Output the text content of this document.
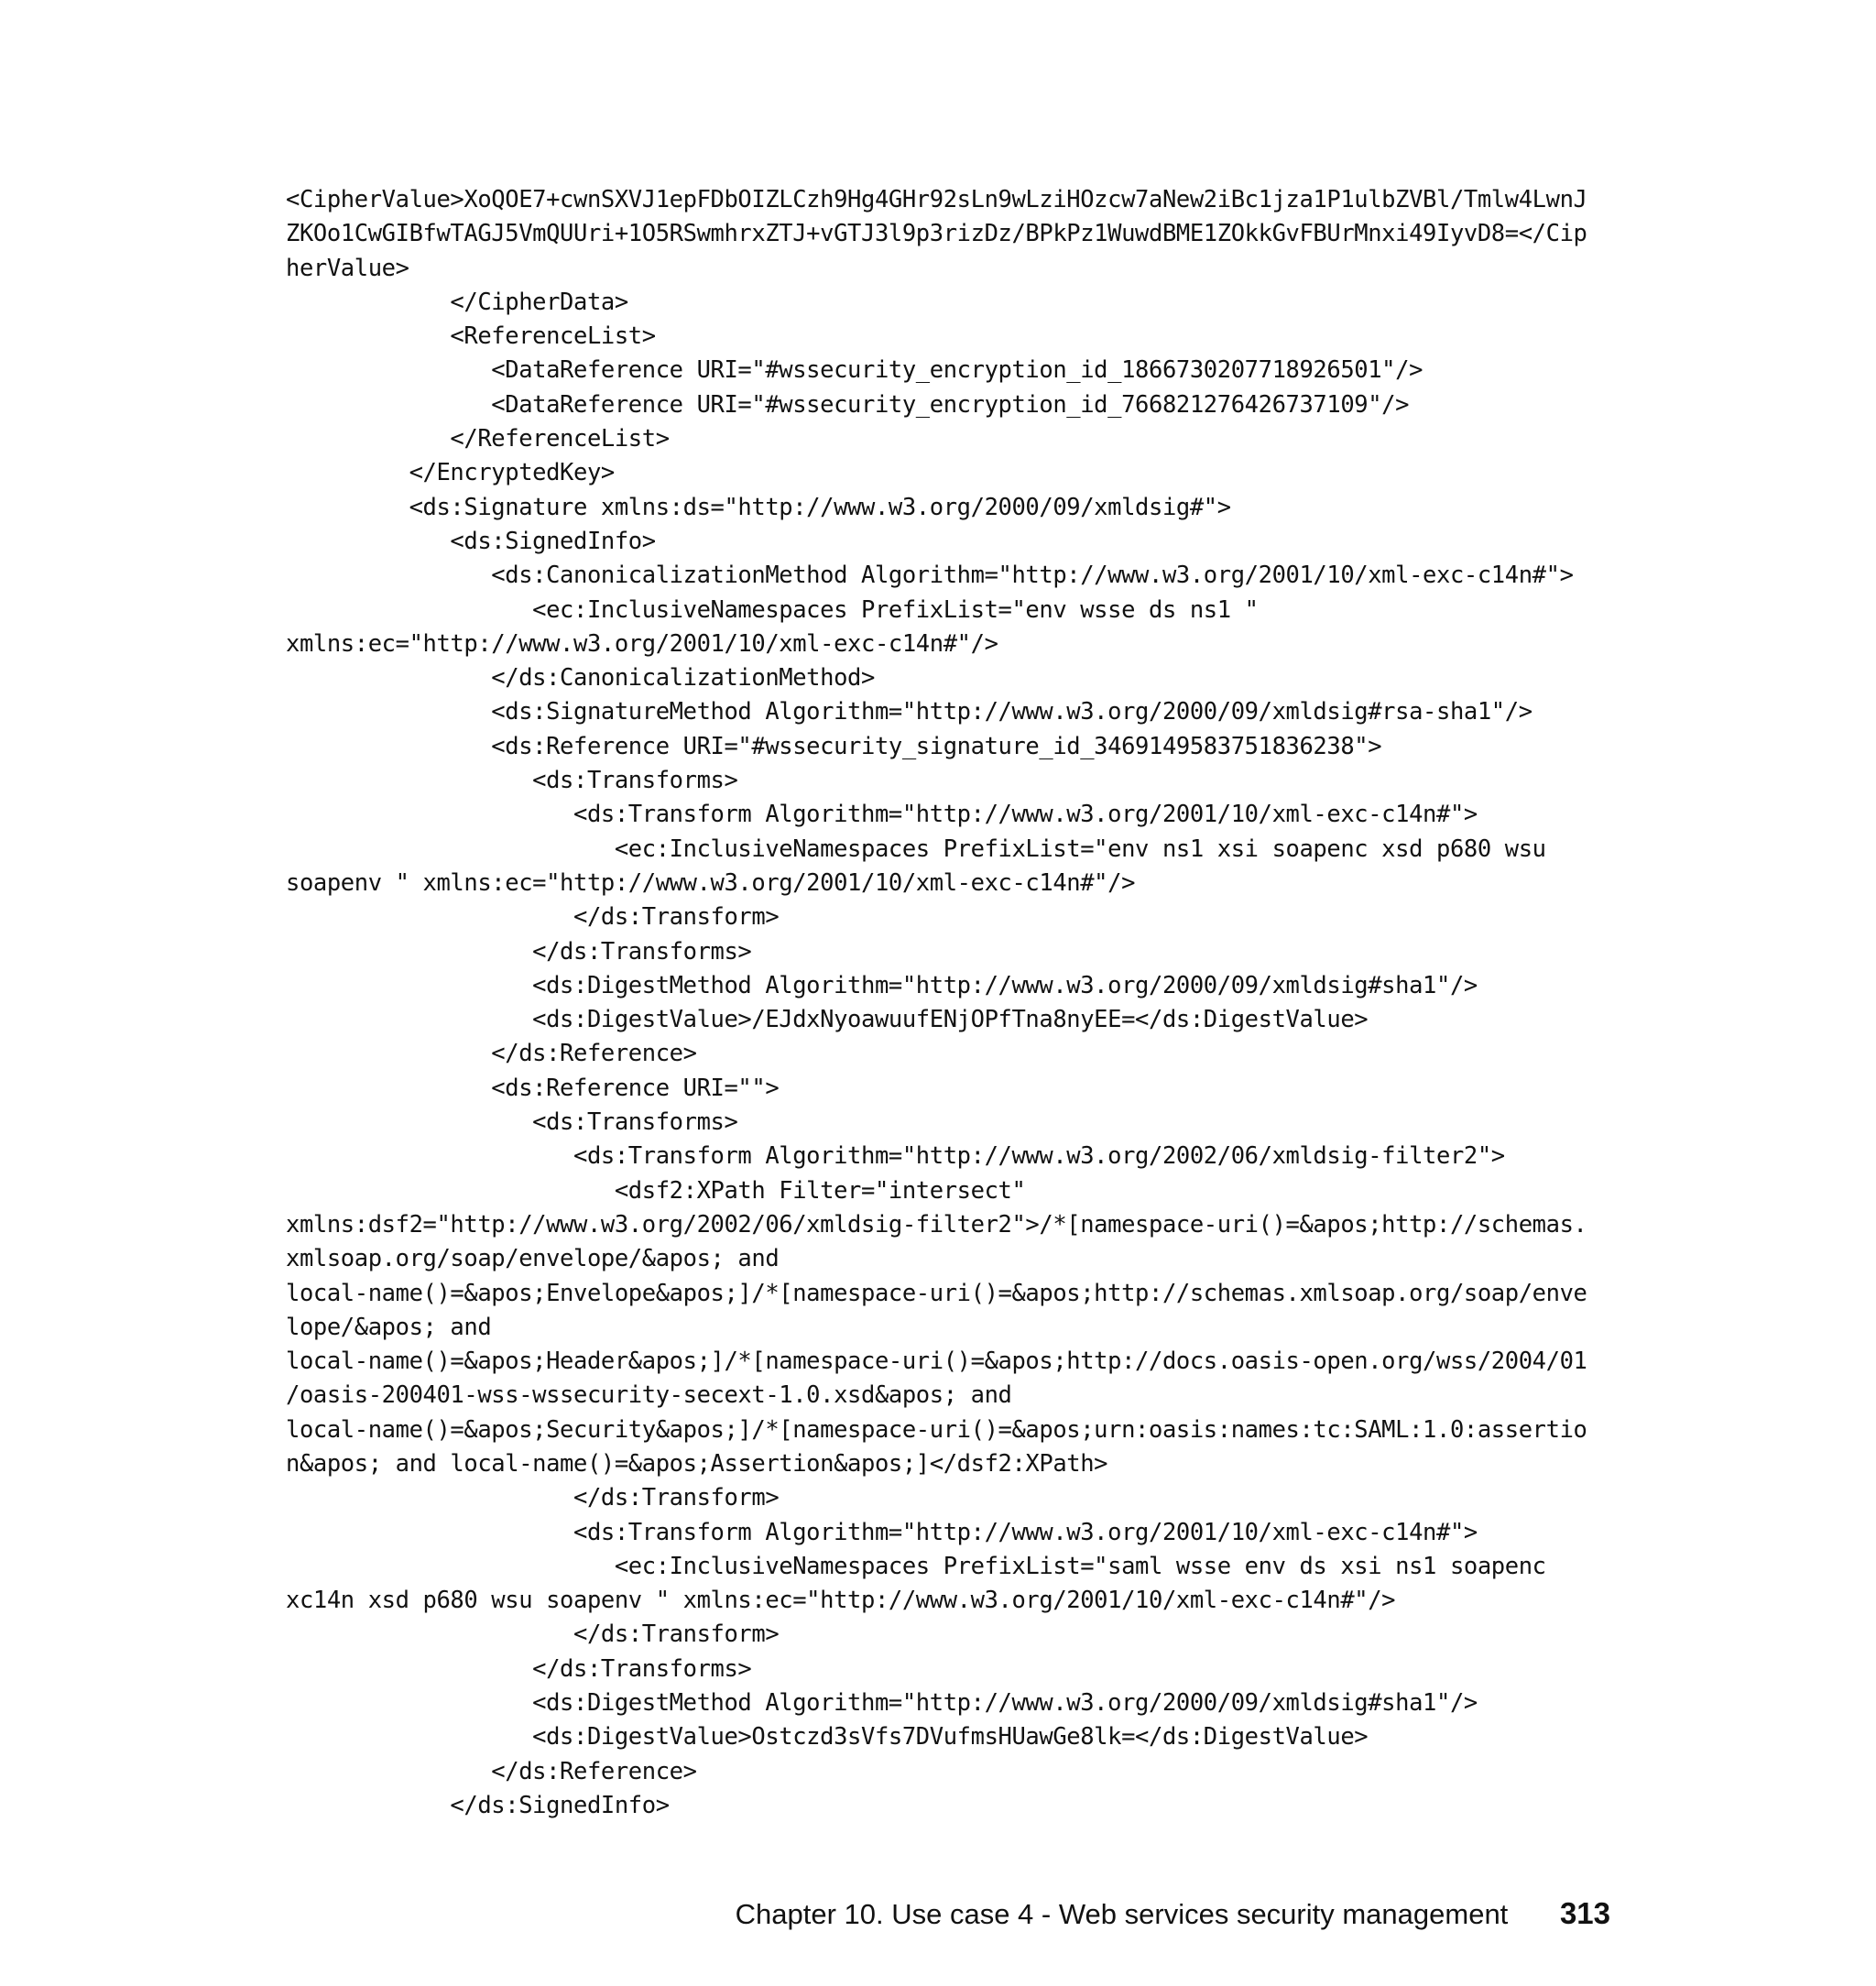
<CipherValue>XoQOE7+cwnSXVJ1epFDbOIZLCzh9Hg4GHr92sLn9wLziHOzcw7aNew2iBc1jza1P1ulbZVBl/Tmlw4LwnJ
ZKOo1CwGIBfwTAGJ5VmQUUri+1O5RSwmhrxZTJ+vGTJ3l9p3rizDz/BPkPz1WuwdBME1ZOkkGvFBUrMnxi49IyvD8=</Cip
herValue>
</CipherData>
<ReferenceList>
<DataReference URI="#wssecurity_encryption_id_1866730207718926501"/>
<DataReference URI="#wssecurity_encryption_id_766821276426737109"/>
</ReferenceList>
</EncryptedKey>
<ds:Signature xmlns:ds="http://www.w3.org/2000/09/xmldsig#">
<ds:SignedInfo>
<ds:CanonicalizationMethod Algorithm="http://www.w3.org/2001/10/xml-exc-c14n#">
<ec:InclusiveNamespaces PrefixList="env wsse ds ns1 "
xmlns:ec="http://www.w3.org/2001/10/xml-exc-c14n#"/>
</ds:CanonicalizationMethod>
<ds:SignatureMethod Algorithm="http://www.w3.org/2000/09/xmldsig#rsa-sha1"/>
<ds:Reference URI="#wssecurity_signature_id_3469149583751836238">
<ds:Transforms>
<ds:Transform Algorithm="http://www.w3.org/2001/10/xml-exc-c14n#">
<ec:InclusiveNamespaces PrefixList="env ns1 xsi soapenc xsd p680 wsu
soapenv " xmlns:ec="http://www.w3.org/2001/10/xml-exc-c14n#"/>
</ds:Transform>
</ds:Transforms>
<ds:DigestMethod Algorithm="http://www.w3.org/2000/09/xmldsig#sha1"/>
<ds:DigestValue>/EJdxNyoawuufENjOPfTna8nyEE=</ds:DigestValue>
</ds:Reference>
<ds:Reference URI="">
<ds:Transforms>
<ds:Transform Algorithm="http://www.w3.org/2002/06/xmldsig-filter2">
<dsf2:XPath Filter="intersect"
xmlns:dsf2="http://www.w3.org/2002/06/xmldsig-filter2">/*[namespace-uri()=&apos;http://schemas.
xmlsoap.org/soap/envelope/&apos; and
local-name()=&apos;Envelope&apos;]/*[namespace-uri()=&apos;http://schemas.xmlsoap.org/soap/enve
lope/&apos; and
local-name()=&apos;Header&apos;]/*[namespace-uri()=&apos;http://docs.oasis-open.org/wss/2004/01
/oasis-200401-wss-wssecurity-secext-1.0.xsd&apos; and
local-name()=&apos;Security&apos;]/*[namespace-uri()=&apos;urn:oasis:names:tc:SAML:1.0:assertio
n&apos; and local-name()=&apos;Assertion&apos;]</dsf2:XPath>
</ds:Transform>
<ds:Transform Algorithm="http://www.w3.org/2001/10/xml-exc-c14n#">
<ec:InclusiveNamespaces PrefixList="saml wsse env ds xsi ns1 soapenc
xc14n xsd p680 wsu soapenv " xmlns:ec="http://www.w3.org/2001/10/xml-exc-c14n#"/>
</ds:Transform>
</ds:Transforms>
<ds:DigestMethod Algorithm="http://www.w3.org/2000/09/xmldsig#sha1"/>
<ds:DigestValue>Ostczd3sVfs7DVufmsHUawGe8lk=</ds:DigestValue>
</ds:Reference>
</ds:SignedInfo>
Chapter 10. Use case 4 - Web services security management 313
